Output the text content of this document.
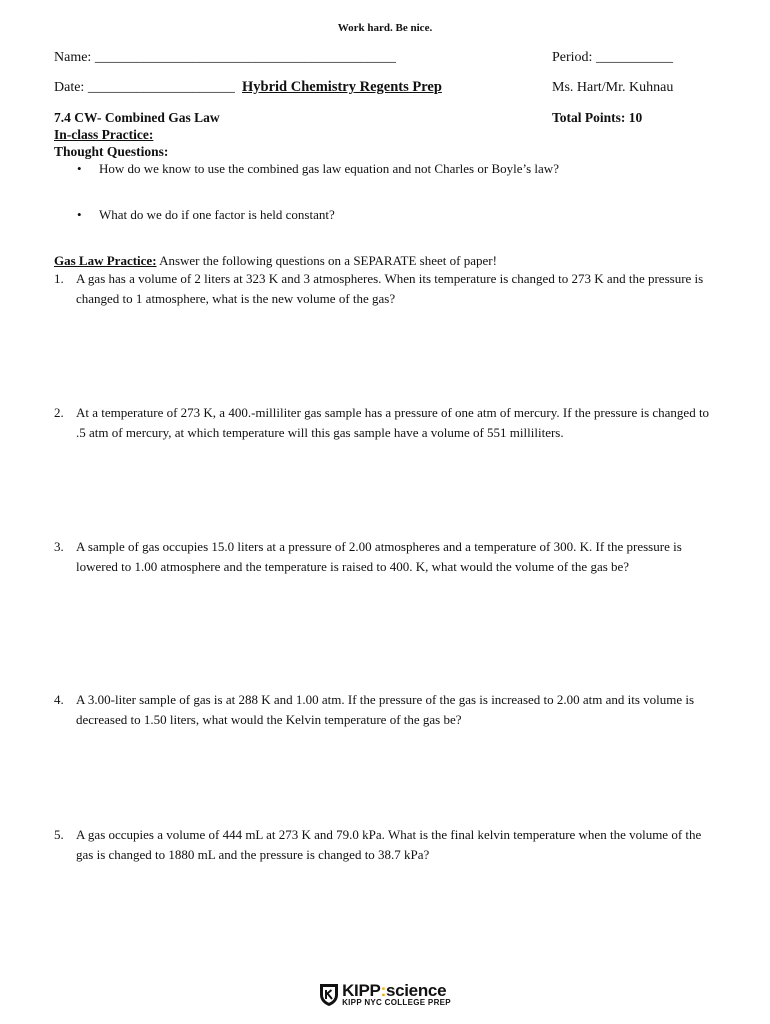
Work hard. Be nice.
Name: ___________________________________________	Period: ___________
Date: _____________________ Hybrid Chemistry Regents Prep	Ms. Hart/Mr. Kuhnau
7.4 CW- Combined Gas Law	Total Points: 10
In-class Practice:
Thought Questions:
• How do we know to use the combined gas law equation and not Charles or Boyle’s law?
• What do we do if one factor is held constant?
Gas Law Practice: Answer the following questions on a SEPARATE sheet of paper!
1. A gas has a volume of 2 liters at 323 K and 3 atmospheres. When its temperature is changed to 273 K and the pressure is changed to 1 atmosphere, what is the new volume of the gas?
2. At a temperature of 273 K, a 400.-milliliter gas sample has a pressure of one atm of mercury. If the pressure is changed to .5 atm of mercury, at which temperature will this gas sample have a volume of 551 milliliters.
3. A sample of gas occupies 15.0 liters at a pressure of 2.00 atmospheres and a temperature of 300. K. If the pressure is lowered to 1.00 atmosphere and the temperature is raised to 400. K, what would the volume of the gas be?
4. A 3.00-liter sample of gas is at 288 K and 1.00 atm. If the pressure of the gas is increased to 2.00 atm and its volume is decreased to 1.50 liters, what would the Kelvin temperature of the gas be?
5. A gas occupies a volume of 444 mL at 273 K and 79.0 kPa. What is the final kelvin temperature when the volume of the gas is changed to 1880 mL and the pressure is changed to 38.7 kPa?
KIPP:science
KIPP NYC COLLEGE PREP
